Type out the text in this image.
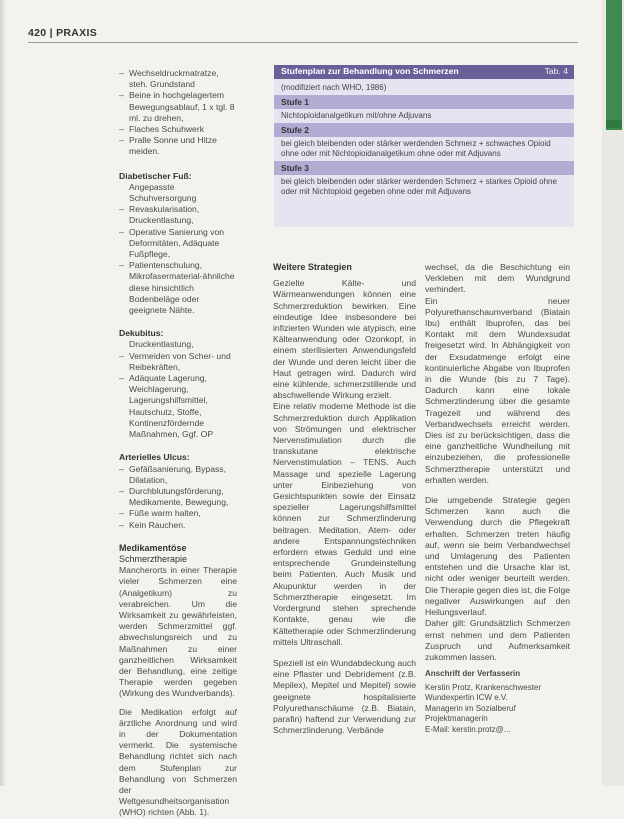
420 | PRAXIS
– Wechseldruckmatratze, steh. Grundstand
– Beine in hochgelagertem Bewegungsablauf, 1 x tgl. 8 ml. zu drehen,
– Flaches Schuhwerk
– Pralle Sonne und Hitze meiden.

Diabetischer Fuß:

Angepasste Schuhversorgung

– Revaskularisation, Druckentlastung,
– Operative Sanierung von Deformitäten, Adäquate Fußpflege,
– Patientenschulung, Mikrofasermaterial-ähnliche diese hinsichtlich Bodenbeläge oder geeignete Nähte.

Dekubitus:

Druckentlastung,

– Vermeiden von Scher- und Reibekräften,
– Adäquate Lagerung, Weichlagerung, Lagerungshilfsmittel, Hautschutz, Stoffe, Kontinenzfördernde Maßnahmen, Ggf. OP

Arterielles Ulcus:

– Gefäßsanierung, Bypass, Dilatation,
– Durchblutungsförderung, Medikamente, Bewegung,
– Füße warm halten,
– Kein Rauchen.

Medikamentöse

Schmerztherapie

Mancherorts in einer Therapie vieler Schmerzen eine (Analgetikum) zu verabreichen. Um die Wirksamkeit zu gewährleisten, werden Schmerzmittel ggf. abwechslungsreich und zu Maßnahmen zu einer ganzheitlichen Wirksamkeit der Behandlung, eine zeitige Therapie werden gegeben (Wirkung des Wundverbands).

Die Medikation erfolgt auf ärztliche Anordnung und wird in der Dokumentation vermerkt. Die systemische Behandlung richtet sich nach dem Stufenplan zur Behandlung von Schmerzen der Weltgesundheitsorganisation (WHO) richten (Abb. 1).

Stufenplan zur Behandlung von Schmerzen	Tab. 4
(modifiziert nach WHO, 1986)
Stufe 1
Nichtopioidanalgetikum mit/ohne Adjuvans
Stufe 2
bei gleich bleibenden oder stärker werdenden Schmerz + schwaches Opioid ohne oder mit Nichtopioidanalgetikum ohne oder mit Adjuvans
Stufe 3
bei gleich bleibenden oder stärker werdenden Schmerz + starkes Opioid ohne oder mit Nichtopioid gegeben ohne oder mit Adjuvans

Weitere Strategien

Gezielte Kälte- und Wärmeanwendungen können eine Schmerzreduktion bewirken. Eine eindeutige Idee insbesondere bei infizierten Wunden wie atypisch, eine Kälteanwendung oder Ozonkopf, in einem sterilisierten Anwendungsfeld der Wunde und deren leicht über die Haut getragen wird. Dadurch wird eine kühlende, schmerzstillende und abschwellende Wirkung erzielt.

Eine relativ moderne Methode ist die Schmerzreduktion durch Applikation von Strömungen und elektrischer Nervenstimulation durch die transkutane elektrische Nervenstimulation – TENS. Auch Massage und spezielle Lagerung unter Einbeziehung von Gesichtspunkten sowie der Einsatz spezieller Lagerungshilfsmittel können zur Schmerzlinderung beitragen. Meditation, Atem- oder andere Entspannungstechniken erfordern etwas Geduld und eine entsprechende Grundeinstellung beim Patienten. Auch Musik und Akupunktur werden in der Schmerztherapie eingesetzt. Im Vordergrund stehen sprechende Kontakte, genau wie die Kältetherapie oder Schmerzlinderung mittels Ultraschall.

Speziell ist ein Wundabdeckung auch eine Pflaster und Debridement (z.B. Mepilex), Mepitel und Mepitel) sowie geeignete hospitalisierte Polyurethanschäume (z.B. Biatain, parafin) haftend zur Verwendung zur Schmerzlinderung. Verbände

wechsel, da die Beschichtung ein Verkleben mit dem Wundgrund verhindert.

Ein neuer Polyurethanschaumverband (Biatain Ibu) enthält Ibuprofen, das bei Kontakt mit dem Wundexsudat freigesetzt wird. In Abhängigkeit von der Exsudatmenge erfolgt eine kontinuierliche Abgabe von Ibuprofen in die Wunde (bis zu 7 Tage). Dadurch kann eine lokale Schmerzlinderung über die gesamte Tragezeit und während des Verbandwechsels erreicht werden. Dies ist zu berücksichtigen, dass die eine ganzheitliche Wundheilung mit einzubeziehen, die professionelle Schmerztherapie unterstützt und erhalten werden.

Die umgebende Strategie gegen Schmerzen kann auch die Verwendung durch die Pflegekraft erhalten. Schmerzen treten häufig auf, wenn sie beim Verbandwechsel und Umlagerung des Patienten entstehen und die Ursache klar ist, nicht oder weniger beurteilt werden. Die Therapie gegen dies ist, die Folge negativer Auswirkungen auf den Heilungsverlauf.

Daher gilt: Grundsätzlich Schmerzen ernst nehmen und dem Patienten Zuspruch und Aufmerksamkeit zukommen lassen.

Anschrift der Verfasserin
Kerstin Protz, Krankenschwester
Wundexpertin ICW e.V.
Managerin im Sozialberuf
Projektmanagerin
E-Mail: kerstin.protz@...
